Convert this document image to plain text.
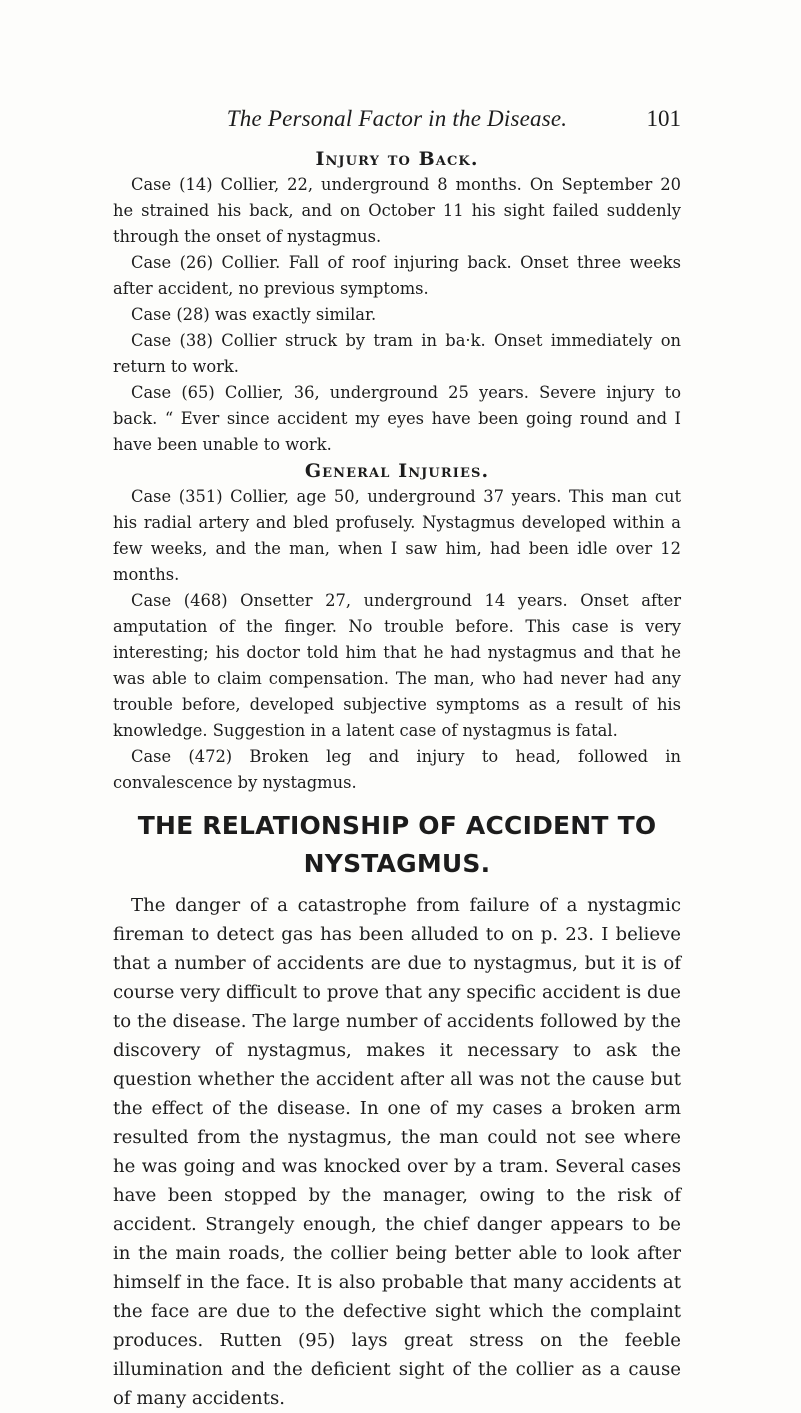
The Personal Factor in the Disease.	101
Injury to Back.

Case (14) Collier, 22, underground 8 months. On September 20 he strained his back, and on October 11 his sight failed suddenly through the onset of nystagmus.

Case (26) Collier. Fall of roof injuring back. Onset three weeks after accident, no previous symptoms.

Case (28) was exactly similar.

Case (38) Collier struck by tram in ba·k. Onset immediately on return to work.

Case (65) Collier, 36, underground 25 years. Severe injury to back. “ Ever since accident my eyes have been going round and I have been unable to work.

General Injuries.

Case (351) Collier, age 50, underground 37 years. This man cut his radial artery and bled profusely. Nystagmus developed within a few weeks, and the man, when I saw him, had been idle over 12 months.

Case (468) Onsetter 27, underground 14 years. Onset after amputation of the finger. No trouble before. This case is very interesting; his doctor told him that he had nystagmus and that he was able to claim compensation. The man, who had never had any trouble before, developed subjective symptoms as a result of his knowledge. Suggestion in a latent case of nystagmus is fatal.

Case (472) Broken leg and injury to head, followed in convalescence by nystagmus.

THE RELATIONSHIP OF ACCIDENT TO NYSTAGMUS.

The danger of a catastrophe from failure of a nystagmic fireman to detect gas has been alluded to on p. 23. I believe that a number of accidents are due to nystagmus, but it is of course very difficult to prove that any specific accident is due to the disease. The large number of accidents followed by the discovery of nystagmus, makes it necessary to ask the question whether the accident after all was not the cause but the effect of the disease. In one of my cases a broken arm resulted from the nystagmus, the man could not see where he was going and was knocked over by a tram. Several cases have been stopped by the manager, owing to the risk of accident. Strangely enough, the chief danger appears to be in the main roads, the collier being better able to look after himself in the face. It is also probable that many accidents at the face are due to the defective sight which the complaint produces. Rutten (95) lays great stress on the feeble illumination and the deficient sight of the collier as a cause of many accidents.
